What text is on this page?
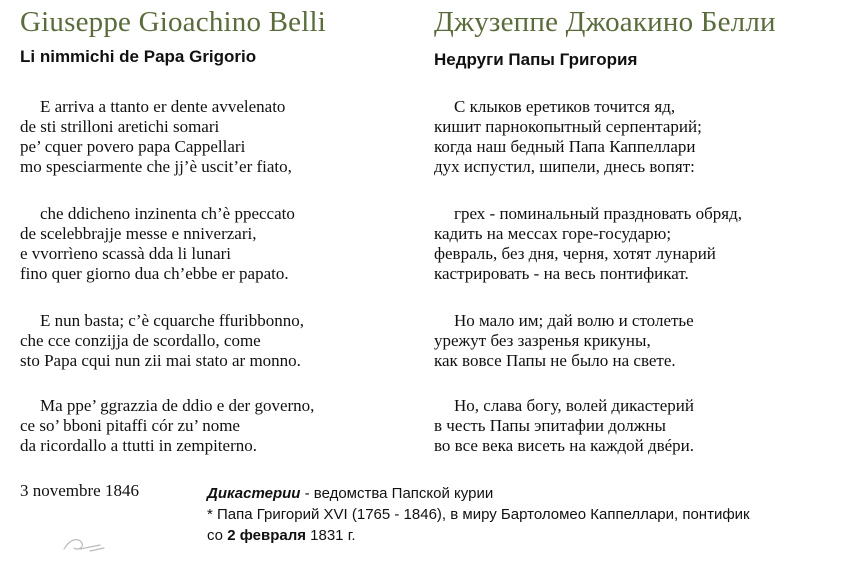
Giuseppe Gioachino Belli
Li nimmichi de Papa Grigorio
E arriva a ttanto er dente avvelenato
de sti strilloni aretichi somari
pe’ cquer povero papa Cappellari
mo spesciarmente che jj’è uscit’er fiato,
che ddicheno inzinenta ch’è ppeccato
de scelebbrajje messe e nniverzari,
e vvorrìeno scassà dda li lunari
fino quer giorno dua ch’ebbe er papato.
E nun basta; c’è cquarche ffuribbonno,
che cce conzijja de scordallo, come
sto Papa cqui nun zii mai stato ar monno.
Ma ppe’ ggrazzia de ddio e der governo,
ce so’ bboni pitaffi cór zu’ nome
da ricordallo a ttutti in zempiterno.
Джузеппе Джоакино Белли
Недруги Папы Григория
С клыков еретиков точится яд,
кишит парнокопытный серпентарий;
когда наш бедный Папа Каппеллари
дух испустил, шипели, днесь вопят:
грех - поминальный праздновать обряд,
кадить на мессах горе-государю;
февраль, без дня, черня, хотят лунарий
кастрировать - на весь понтификат.
Но мало им; дай волю и столетье
урежут без зазренья крикуны,
как вовсе Папы не было на свете.
Но, слава богу, волей дикастерий
в честь Папы эпитафии должны
во все века висеть на каждой двéри.
3 novembre 1846	Дикастерии - ведомства Папской курии
* Папа Григорий XVI (1765 - 1846), в миру Бартоломео Каппеллари, понтифик
со 2 февраля 1831 г.
